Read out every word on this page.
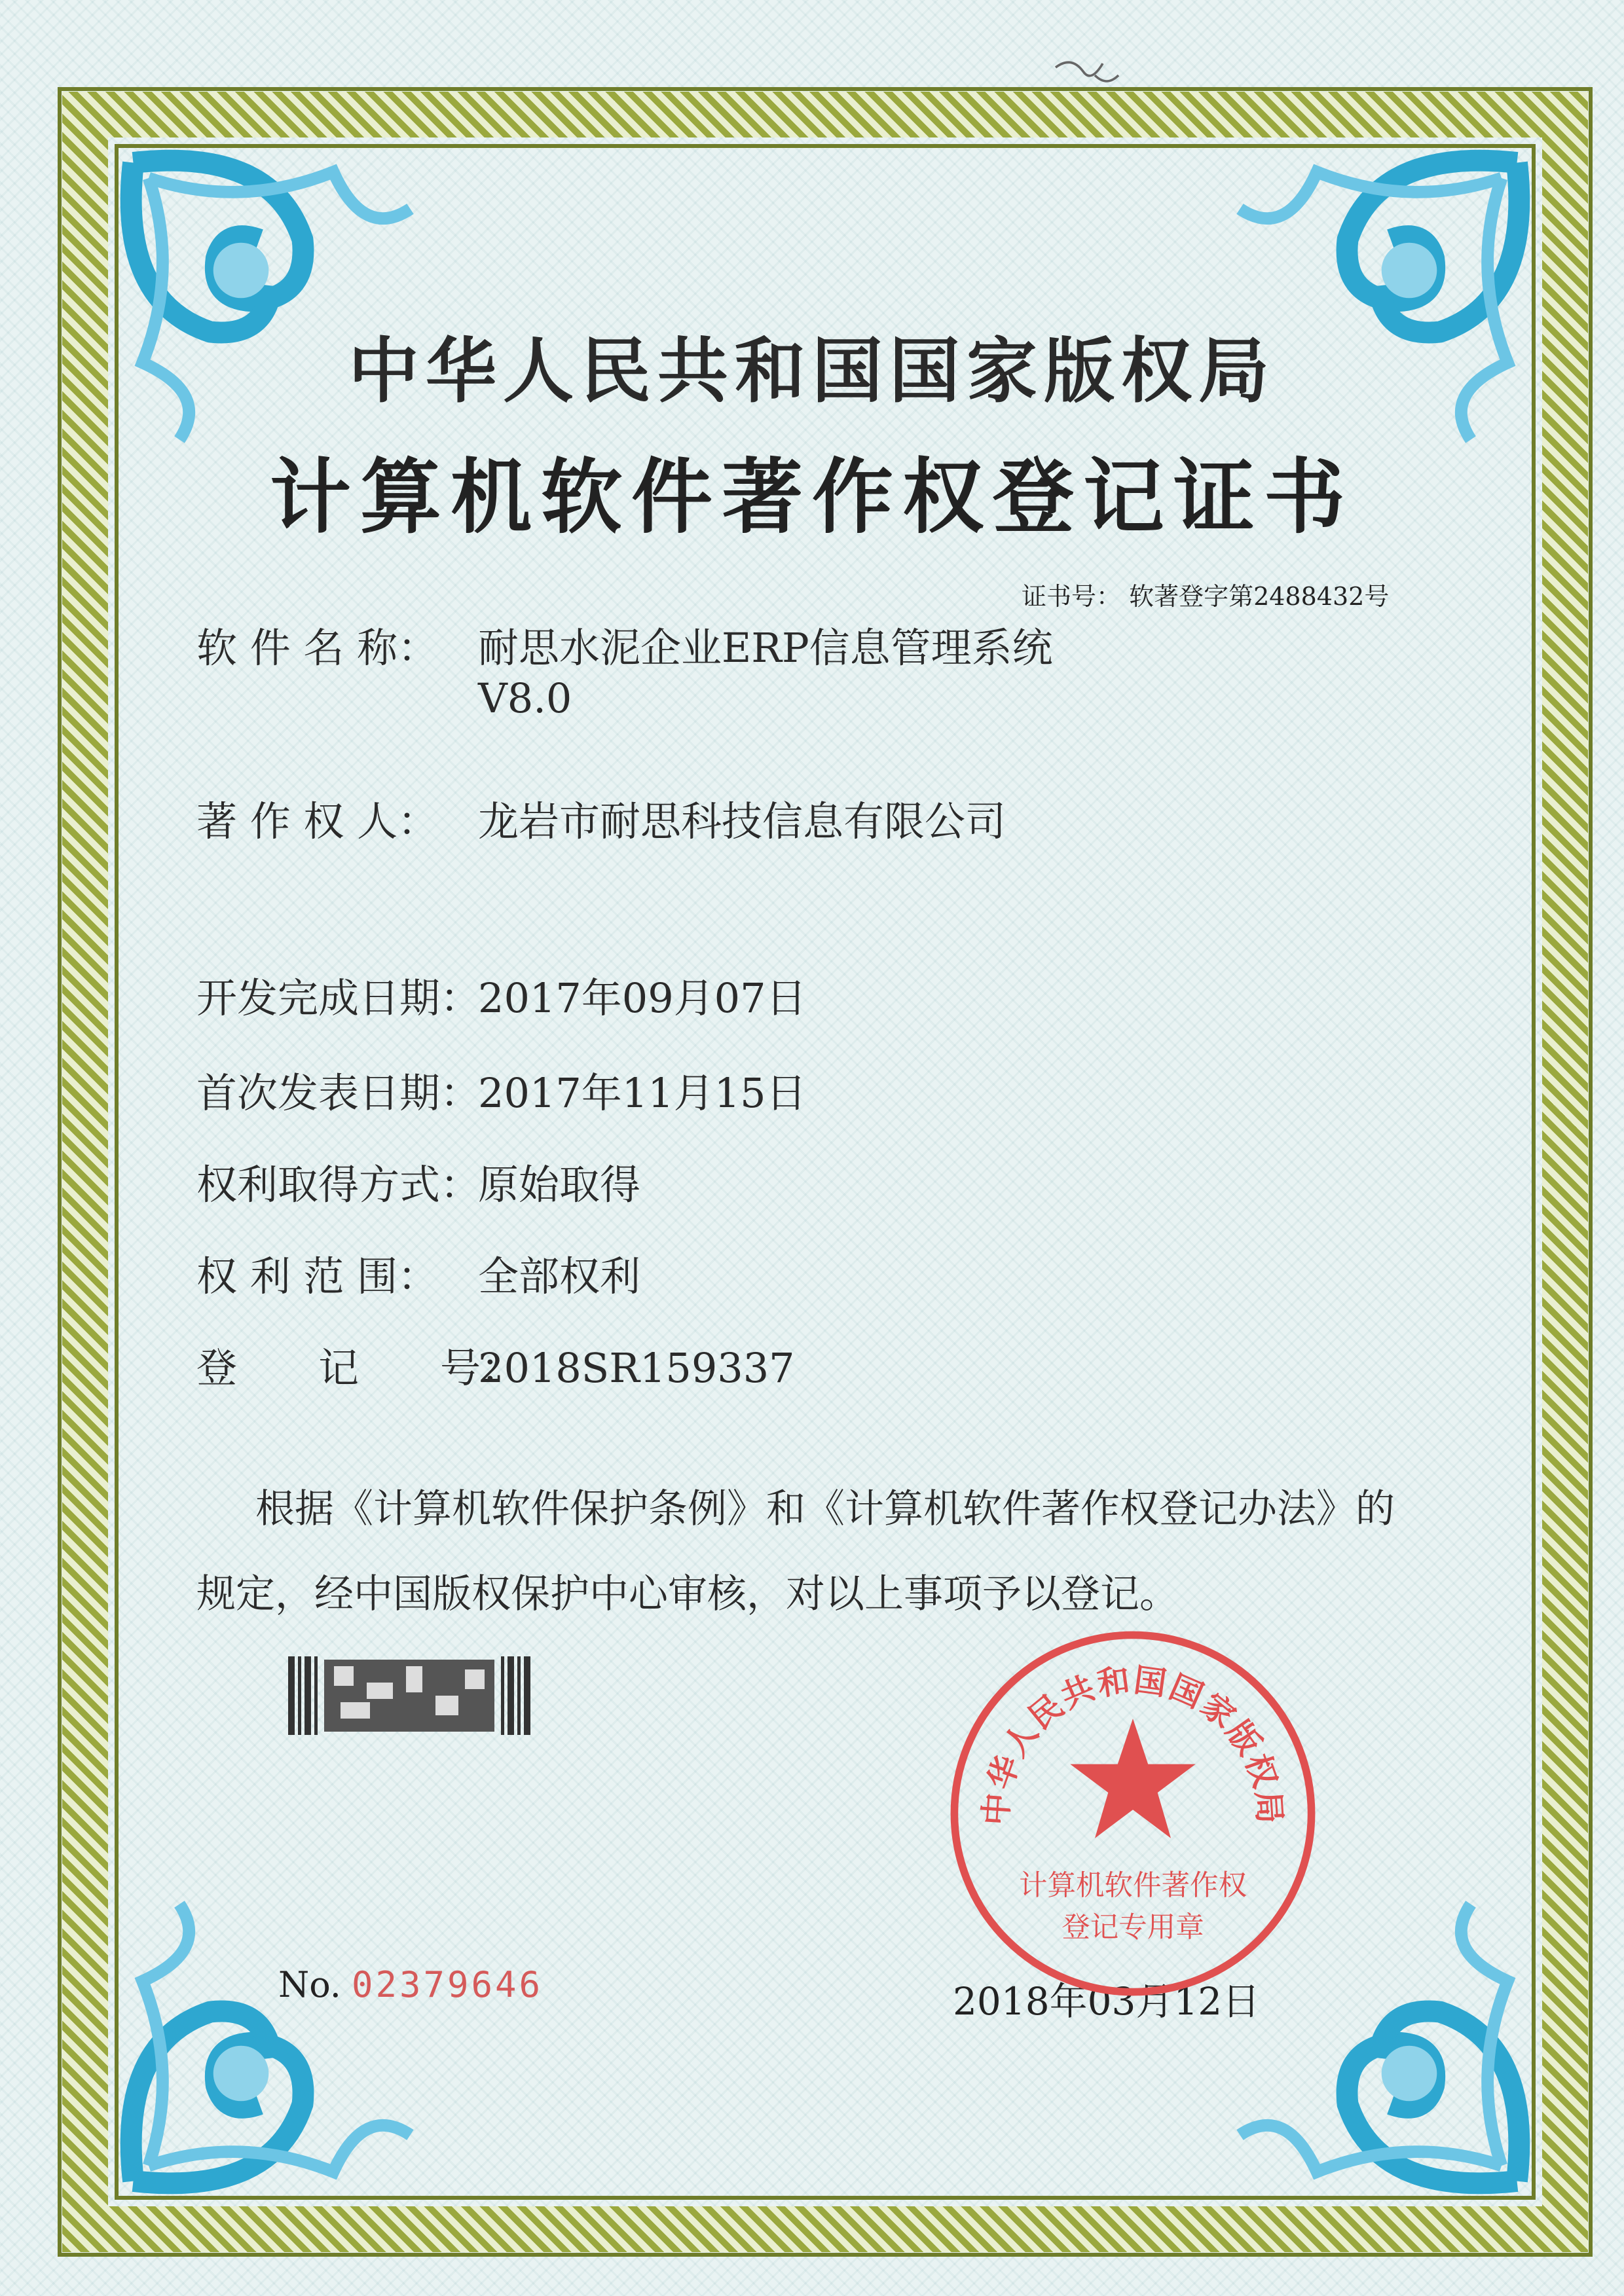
中华人民共和国国家版权局
计算机软件著作权登记证书
证书号： 软著登字第2488432号
软 件 名 称： 耐思水泥企业ERP信息管理系统
V8.0
著 作 权 人： 龙岩市耐思科技信息有限公司
开发完成日期：2017年09月07日
首次发表日期：2017年11月15日
权利取得方式：原始取得
权 利 范 围： 全部权利
登　　记　　号：2018SR159337

根据《计算机软件保护条例》和《计算机软件著作权登记办法》的

规定，经中国版权保护中心审核，对以上事项予以登记。

No. 02379646	2018年03月12日
中华人民共和国国家版权局
计算机软件著作权
登记专用章
